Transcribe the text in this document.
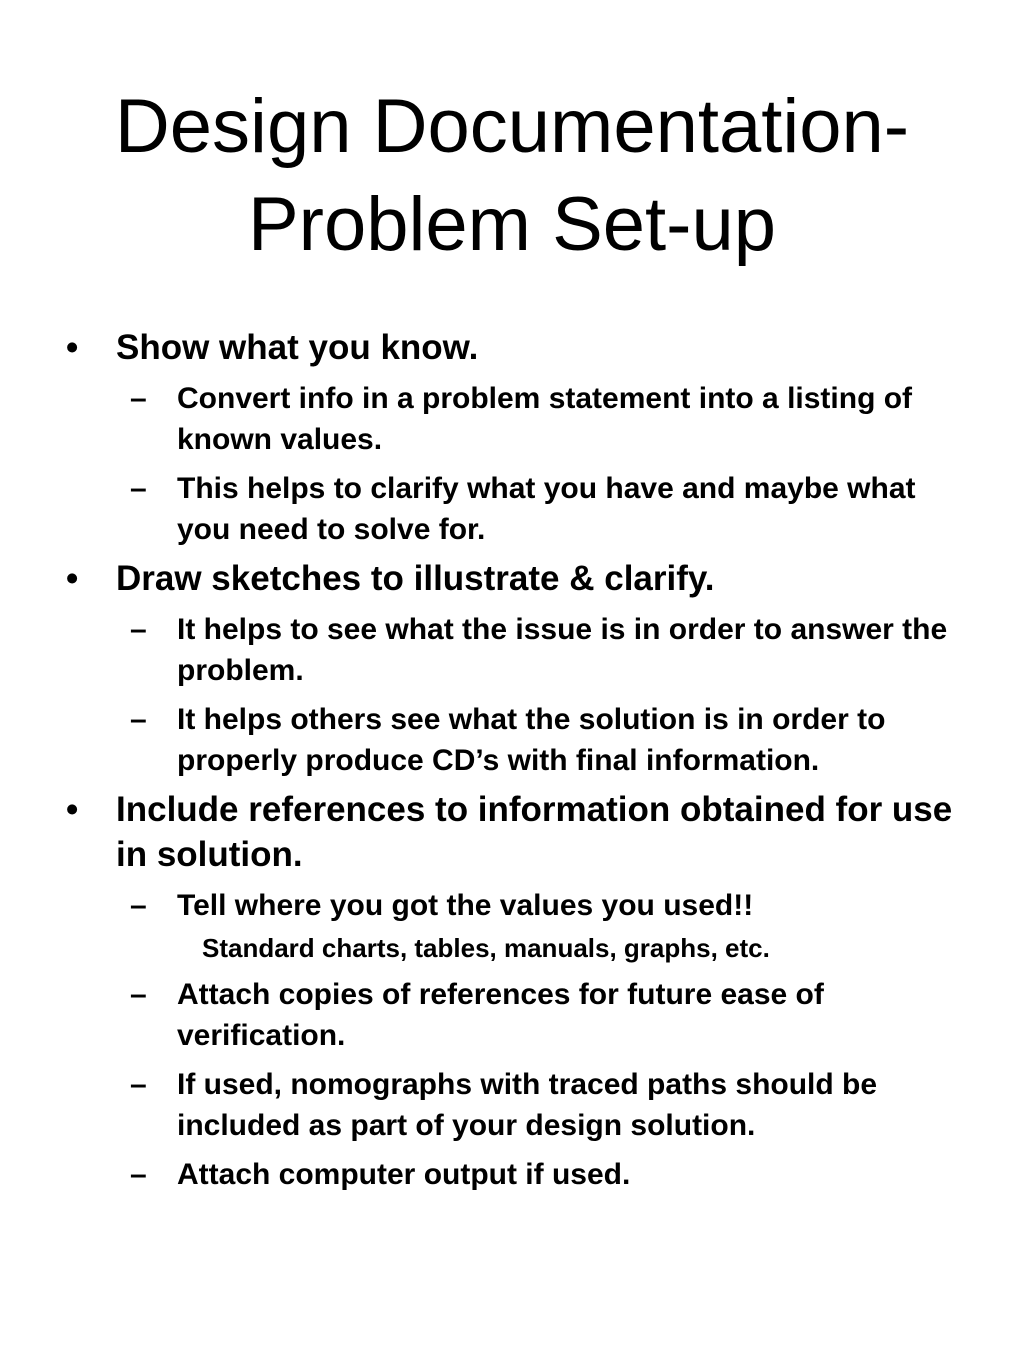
Design Documentation-
Problem Set-up
• Show what you know.
– Convert info in a problem statement into a listing of known values.
– This helps to clarify what you have and maybe what you need to solve for.
• Draw sketches to illustrate & clarify.
– It helps to see what the issue is in order to answer the problem.
– It helps others see what the solution is in order to properly produce CD’s with final information.
• Include references to information obtained for use in solution.
– Tell where you got the values you used!!
Standard charts, tables, manuals, graphs, etc.
– Attach copies of references for future ease of verification.
– If used, nomographs with traced paths should be included as part of your design solution.
– Attach computer output if used.
